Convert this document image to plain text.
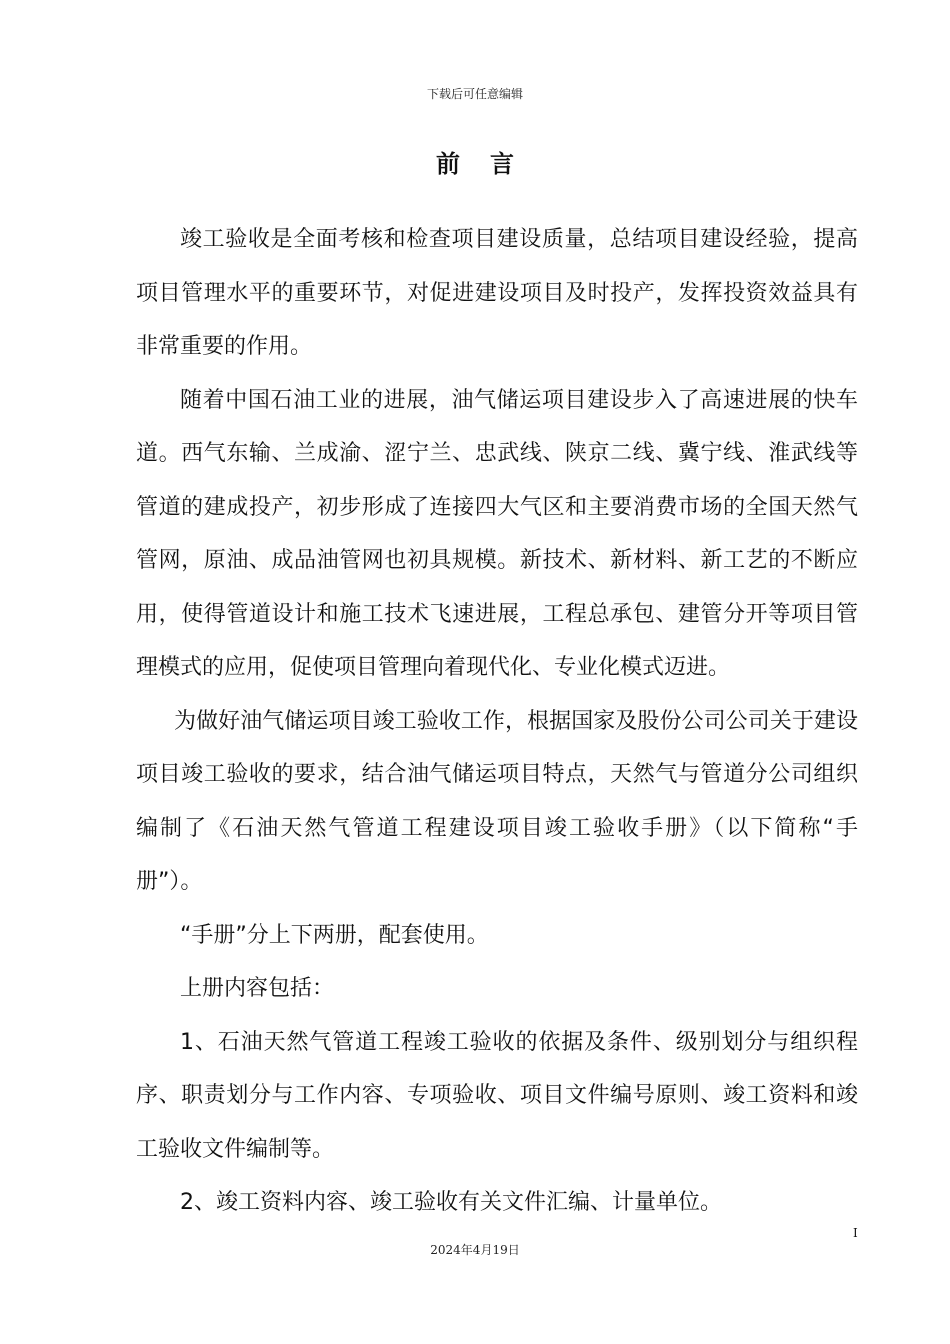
下载后可任意编辑
前言

竣工验收是全面考核和检查项目建设质量，总结项目建设经验，提高项目管理水平的重要环节，对促进建设项目及时投产，发挥投资效益具有非常重要的作用。

随着中国石油工业的进展，油气储运项目建设步入了高速进展的快车道。西气东输、兰成渝、涩宁兰、忠武线、陕京二线、冀宁线、淮武线等管道的建成投产，初步形成了连接四大气区和主要消费市场的全国天然气管网，原油、成品油管网也初具规模。新技术、新材料、新工艺的不断应用，使得管道设计和施工技术飞速进展，工程总承包、建管分开等项目管理模式的应用，促使项目管理向着现代化、专业化模式迈进。

为做好油气储运项目竣工验收工作，根据国家及股份公司公司关于建设项目竣工验收的要求，结合油气储运项目特点，天然气与管道分公司组织编制了《石油天然气管道工程建设项目竣工验收手册》（以下简称“手册”）。

“手册”分上下两册，配套使用。

上册内容包括：

1、石油天然气管道工程竣工验收的依据及条件、级别划分与组织程序、职责划分与工作内容、专项验收、项目文件编号原则、竣工资料和竣工验收文件编制等。

2、竣工资料内容、竣工验收有关文件汇编、计量单位。

I
2024年4月19日
